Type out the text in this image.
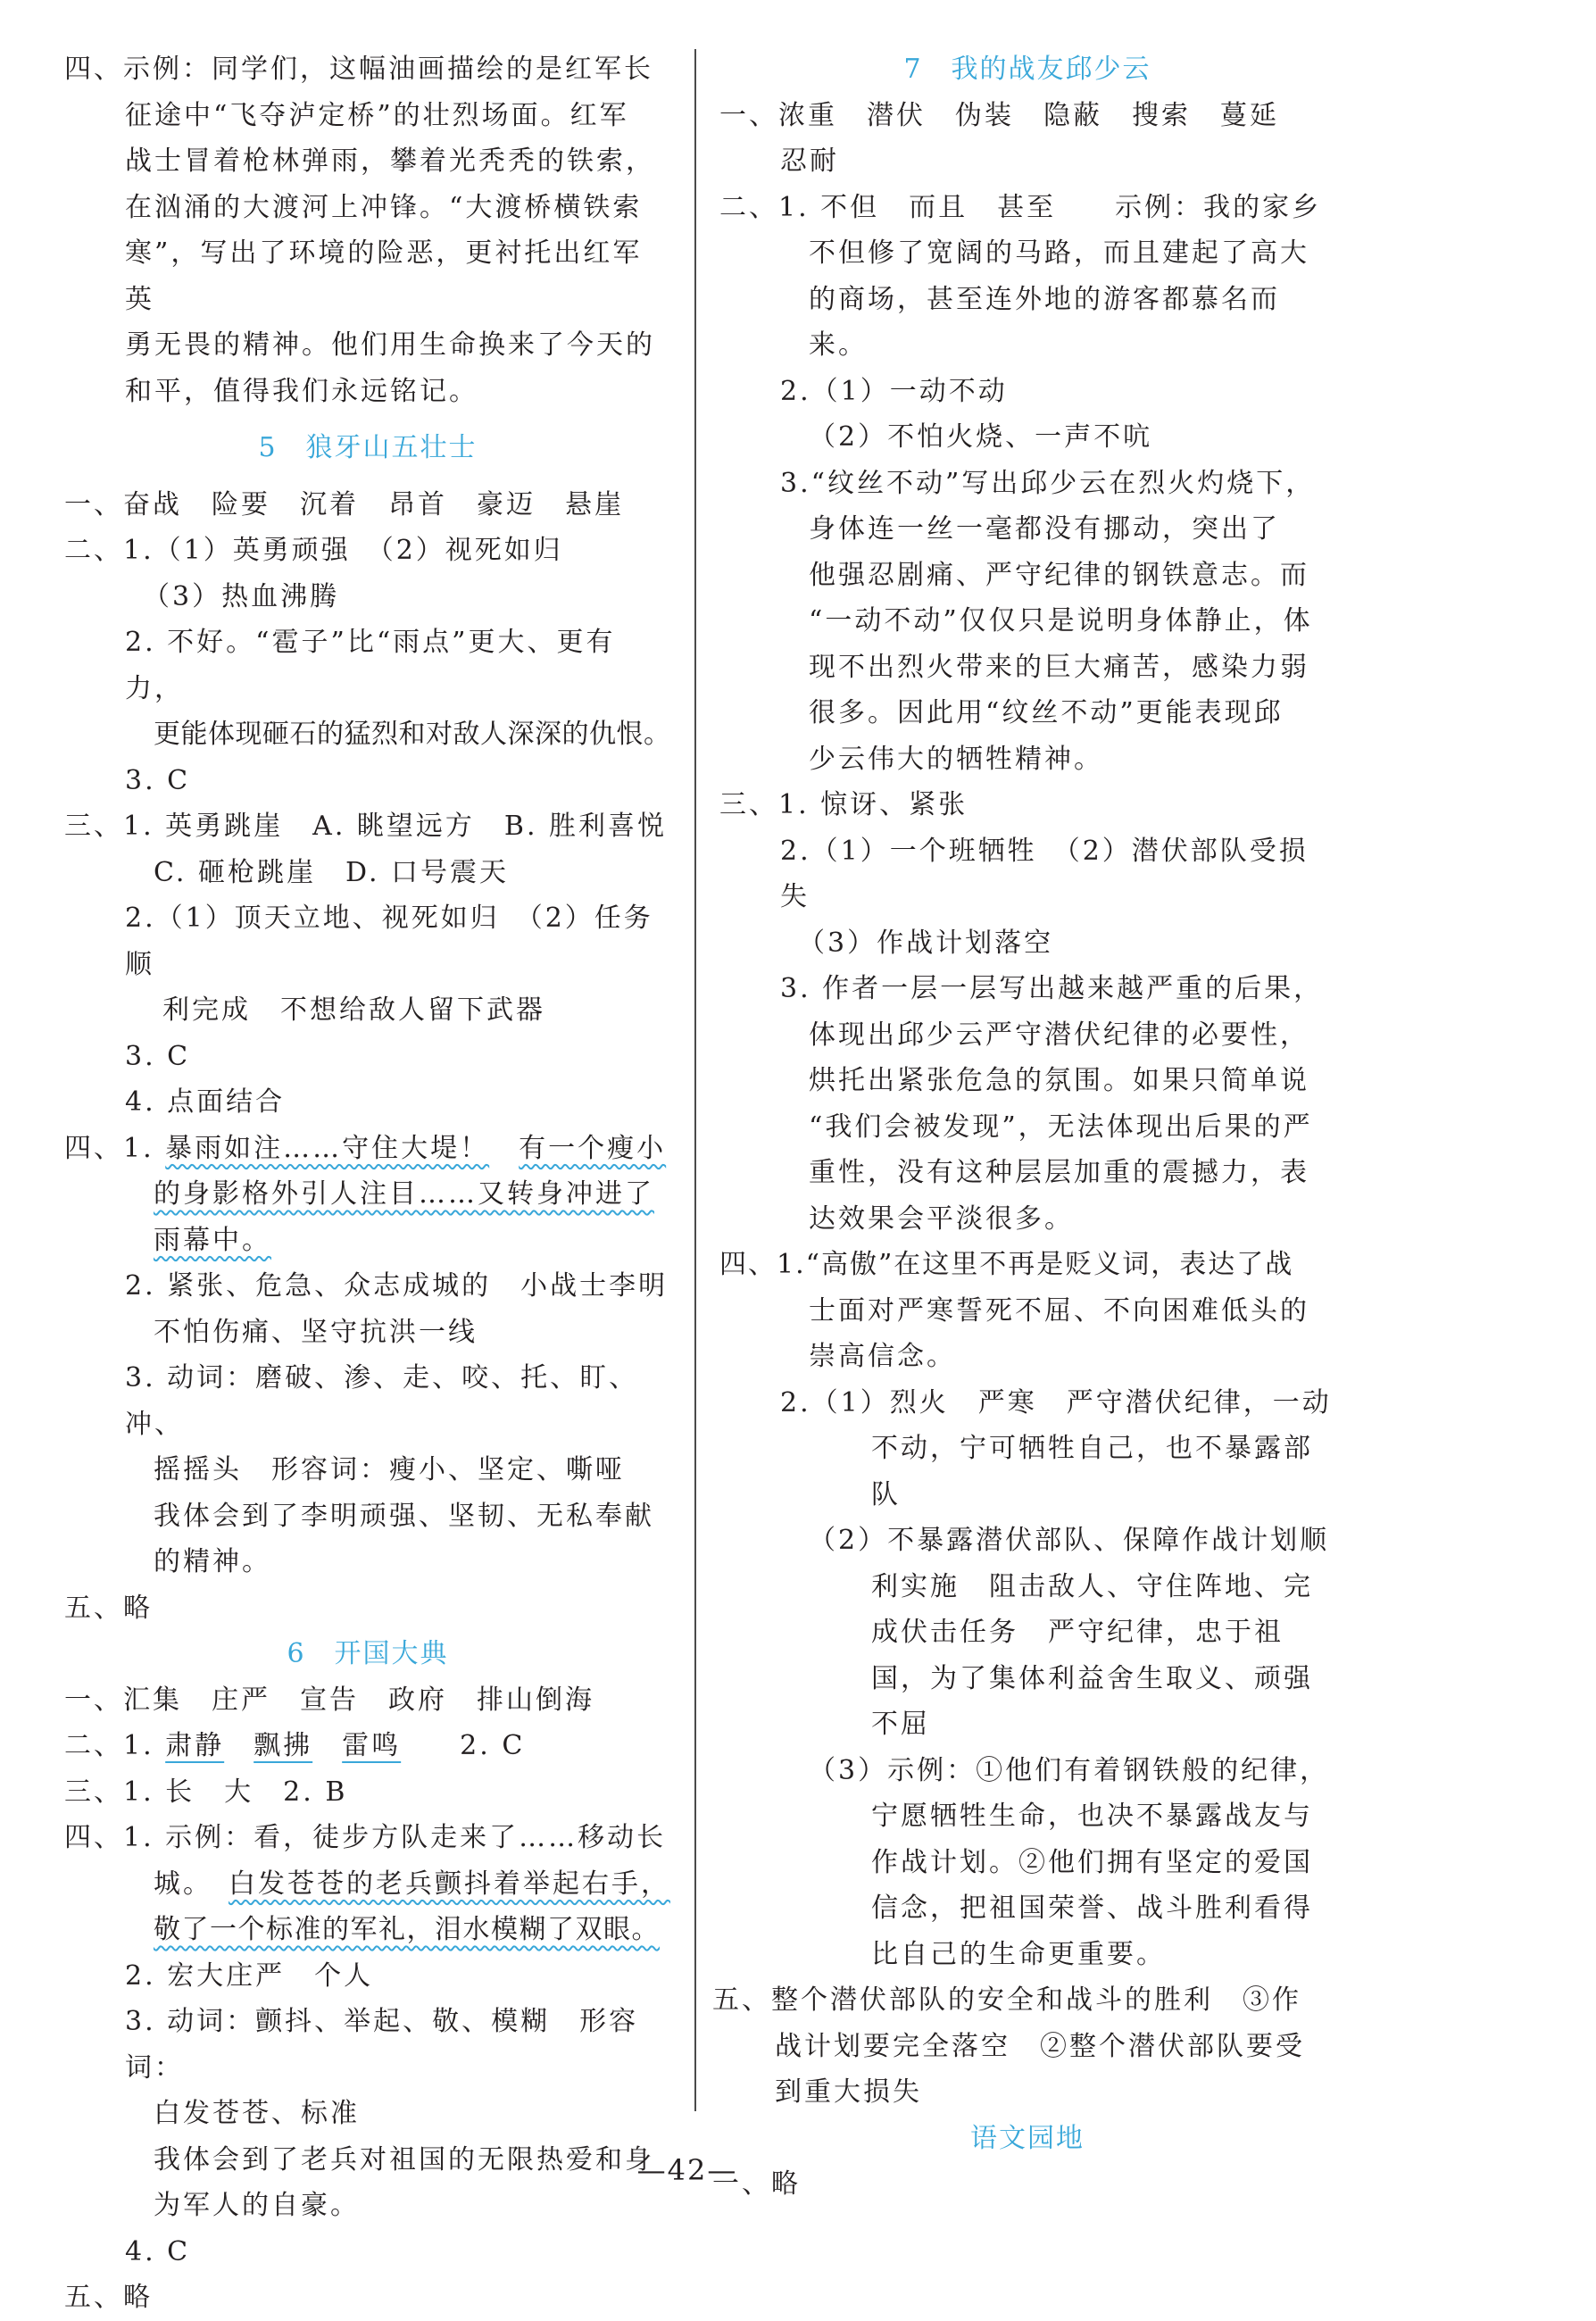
四、示例：同学们，这幅油画描绘的是红军长
征途中“飞夺泸定桥”的壮烈场面。红军
战士冒着枪林弹雨，攀着光秃秃的铁索，
在汹涌的大渡河上冲锋。“大渡桥横铁索
寒”，写出了环境的险恶，更衬托出红军英
勇无畏的精神。他们用生命换来了今天的
和平，值得我们永远铭记。
5　狼牙山五壮士
一、奋战　险要　沉着　昂首　豪迈　悬崖
二、1.（1）英勇顽强　（2）视死如归
（3）热血沸腾
2. 不好。“雹子”比“雨点”更大、更有力，
更能体现砸石的猛烈和对敌人深深的仇恨。
3. C
三、1. 英勇跳崖　A. 眺望远方　B. 胜利喜悦
C. 砸枪跳崖　D. 口号震天
2.（1）顶天立地、视死如归　（2）任务顺
利完成　不想给敌人留下武器
3. C
4. 点面结合
四、1. 暴雨如注……守住大堤！　 有一个瘦小
的身影格外引人注目……又转身冲进了
雨幕中。
2. 紧张、危急、众志成城的　小战士李明
不怕伤痛、坚守抗洪一线
3. 动词：磨破、渗、走、咬、托、盯、冲、
摇摇头　形容词：瘦小、坚定、嘶哑
我体会到了李明顽强、坚韧、无私奉献
的精神。
五、略
6　开国大典
一、汇集　庄严　宣告　政府　排山倒海
二、1. 肃静　 飘拂　 雷鸣　　 2. C
三、1. 长　大　2. B
四、1. 示例：看，徒步方队走来了……移动长
城。　 白发苍苍的老兵颤抖着举起右手，
敬了一个标准的军礼，泪水模糊了双眼。
2. 宏大庄严　个人
3. 动词：颤抖、举起、敬、模糊　形容词：
白发苍苍、标准
我体会到了老兵对祖国的无限热爱和身
为军人的自豪。
4. C
五、略
7　我的战友邱少云
一、浓重　潜伏　伪装　隐蔽　搜索　蔓延
忍耐
二、1. 不但　而且　甚至　　示例：我的家乡
不但修了宽阔的马路，而且建起了高大
的商场，甚至连外地的游客都慕名而来。
2.（1）一动不动
（2）不怕火烧、一声不吭
3.“纹丝不动”写出邱少云在烈火灼烧下，
身体连一丝一毫都没有挪动，突出了
他强忍剧痛、严守纪律的钢铁意志。而
“一动不动”仅仅只是说明身体静止，体
现不出烈火带来的巨大痛苦，感染力弱
很多。因此用“纹丝不动”更能表现邱
少云伟大的牺牲精神。
三、1. 惊讶、紧张
2.（1）一个班牺牲　（2）潜伏部队受损失
（3）作战计划落空
3. 作者一层一层写出越来越严重的后果，
体现出邱少云严守潜伏纪律的必要性，
烘托出紧张危急的氛围。如果只简单说
“我们会被发现”，无法体现出后果的严
重性，没有这种层层加重的震撼力，表
达效果会平淡很多。
四、1.“高傲”在这里不再是贬义词，表达了战
士面对严寒誓死不屈、不向困难低头的
崇高信念。
2.（1）烈火　严寒　严守潜伏纪律，一动
不动，宁可牺牲自己，也不暴露部
队
（2）不暴露潜伏部队、保障作战计划顺
利实施　阻击敌人、守住阵地、完
成伏击任务　严守纪律，忠于祖
国，为了集体利益舍生取义、顽强
不屈
（3）示例：①他们有着钢铁般的纪律，
宁愿牺牲生命，也决不暴露战友与
作战计划。②他们拥有坚定的爱国
信念，把祖国荣誉、战斗胜利看得
比自己的生命更重要。
五、整个潜伏部队的安全和战斗的胜利　③作
战计划要完全落空　②整个潜伏部队要受
到重大损失
语文园地
一、略
—42—
